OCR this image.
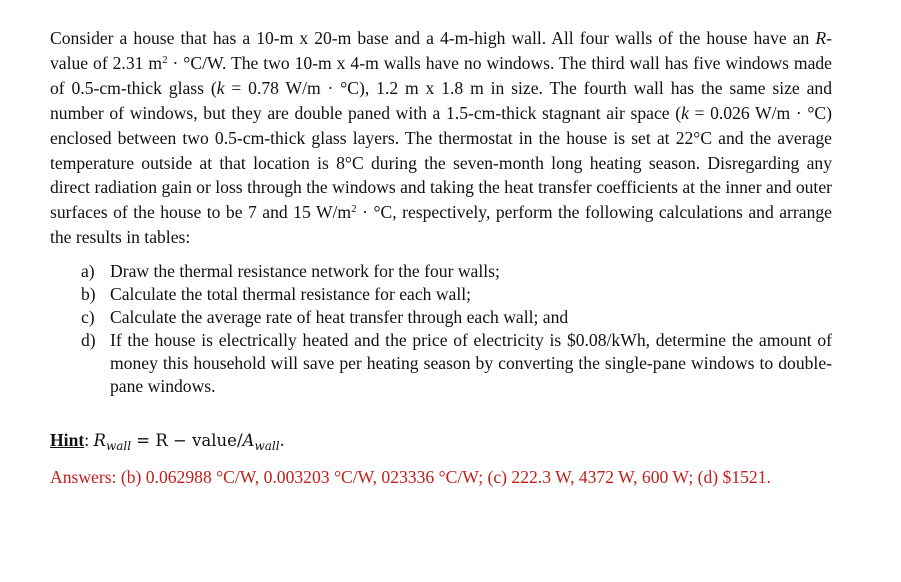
Consider a house that has a 10-m x 20-m base and a 4-m-high wall. All four walls of the house have an R-value of 2.31 $m^2 \cdot ^\circ C/W$. The two 10-m x 4-m walls have no windows. The third wall has five windows made of 0.5-cm-thick glass (k = 0.78 W/m · °C), 1.2 m x 1.8 m in size. The fourth wall has the same size and number of windows, but they are double paned with a 1.5-cm-thick stagnant air space (k = 0.026 W/m · °C) enclosed between two 0.5-cm-thick glass layers. The thermostat in the house is set at 22°C and the average temperature outside at that location is 8°C during the seven-month long heating season. Disregarding any direct radiation gain or loss through the windows and taking the heat transfer coefficients at the inner and outer surfaces of the house to be 7 and 15 $W/m^2 \cdot ^\circ C$, respectively, perform the following calculations and arrange the results in tables:

a) Draw the thermal resistance network for the four walls;
b) Calculate the total thermal resistance for each wall;
c) Calculate the average rate of heat transfer through each wall; and
d) If the house is electrically heated and the price of electricity is $0.08/kWh, determine the amount of money this household will save per heating season by converting the single-pane windows to double-pane windows.
Hint: $R_{wall} = R$ − value/$A_{wall}$.
Answers: (b) 0.062988 °C/W, 0.003203 °C/W, 023336 °C/W; (c) 222.3 W, 4372 W, 600 W; (d) $1521.
